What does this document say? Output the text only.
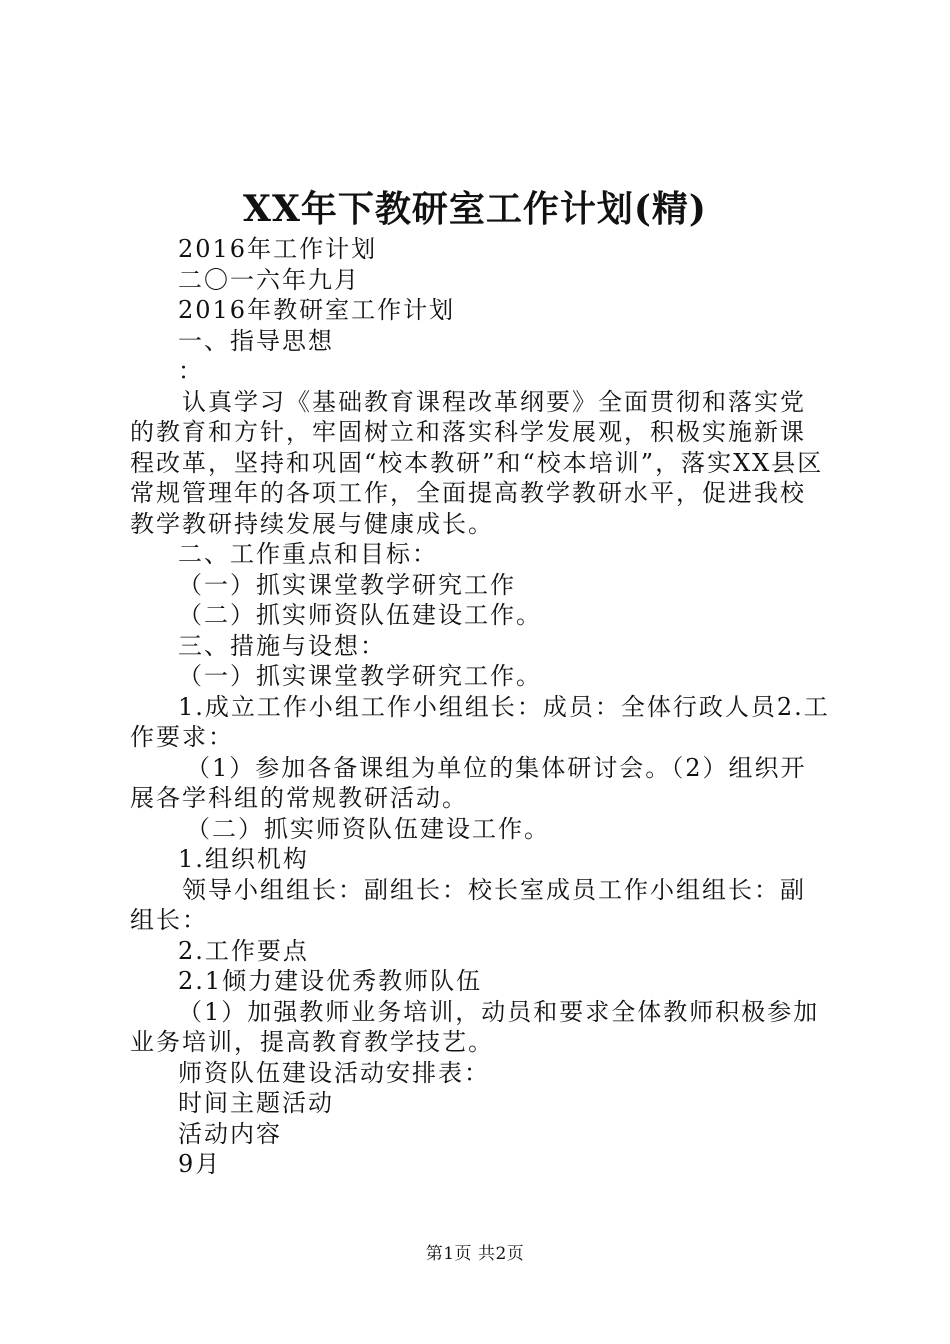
XX年下教研室工作计划(精)

2016年工作计划

二〇一六年九月

2016年教研室工作计划

一、指导思想

：

认真学习《基础教育课程改革纲要》全面贯彻和落实党的教育和方针，牢固树立和落实科学发展观，积极实施新课程改革，坚持和巩固“校本教研”和“校本培训”，落实XX县区常规管理年的各项工作，全面提高教学教研水平，促进我校教学教研持续发展与健康成长。

二、工作重点和目标：

（一）抓实课堂教学研究工作

（二）抓实师资队伍建设工作。

三、措施与设想：

（一）抓实课堂教学研究工作。

1.成立工作小组工作小组组长：成员：全体行政人员2.工作要求：

（1）参加各备课组为单位的集体研讨会。（2）组织开展各学科组的常规教研活动。

（二）抓实师资队伍建设工作。

1.组织机构

领导小组组长：副组长：校长室成员工作小组组长：副组长：

2.工作要点

2.1倾力建设优秀教师队伍

（1）加强教师业务培训，动员和要求全体教师积极参加业务培训，提高教育教学技艺。

师资队伍建设活动安排表：

时间主题活动

活动内容

9月

第1页 共2页
